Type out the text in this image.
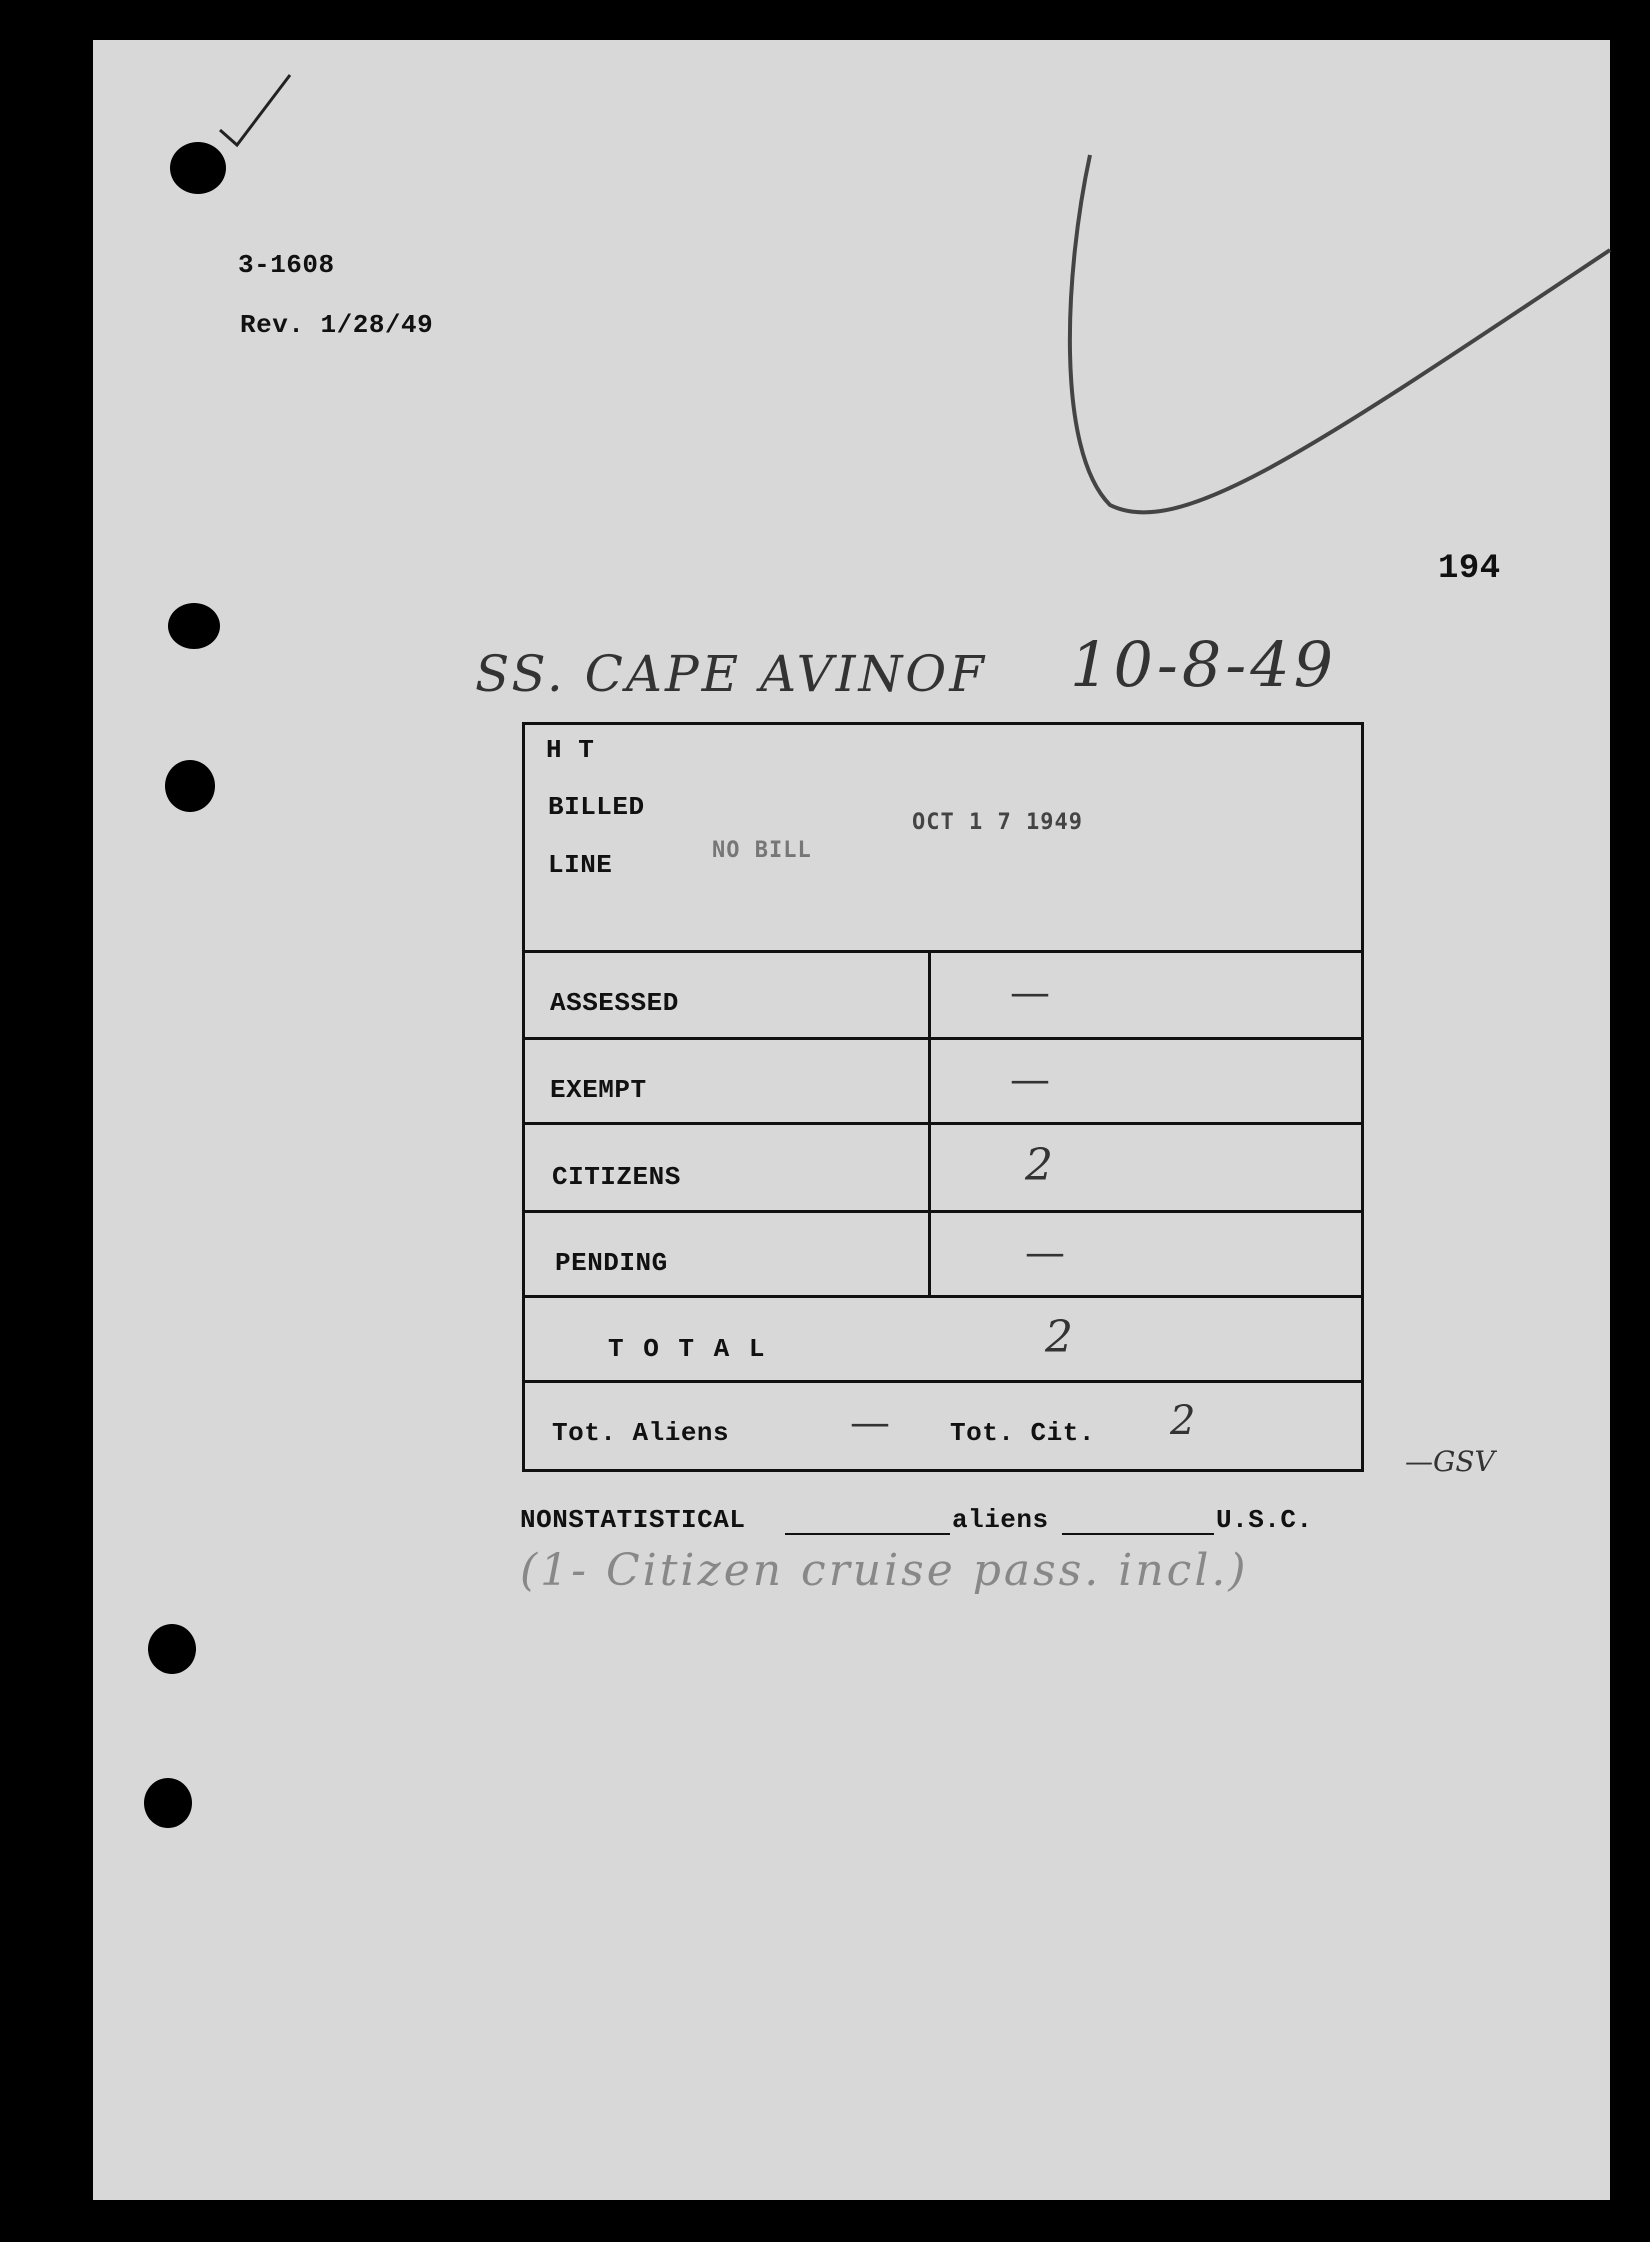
3-1608
Rev. 1/28/49
194
SS. CAPE AVINOF 10-8-49
H T
BILLED
LINE	NO BILL
OCT 1 7 1949
ASSESSED	—
EXEMPT	—
CITIZENS	2
PENDING	—
T O T A L	2
Tot. Aliens	— Tot. Cit. 2
—GSV
NONSTATISTICAL	aliens	U.S.C.
(1- Citizen cruise pass. incl.)
